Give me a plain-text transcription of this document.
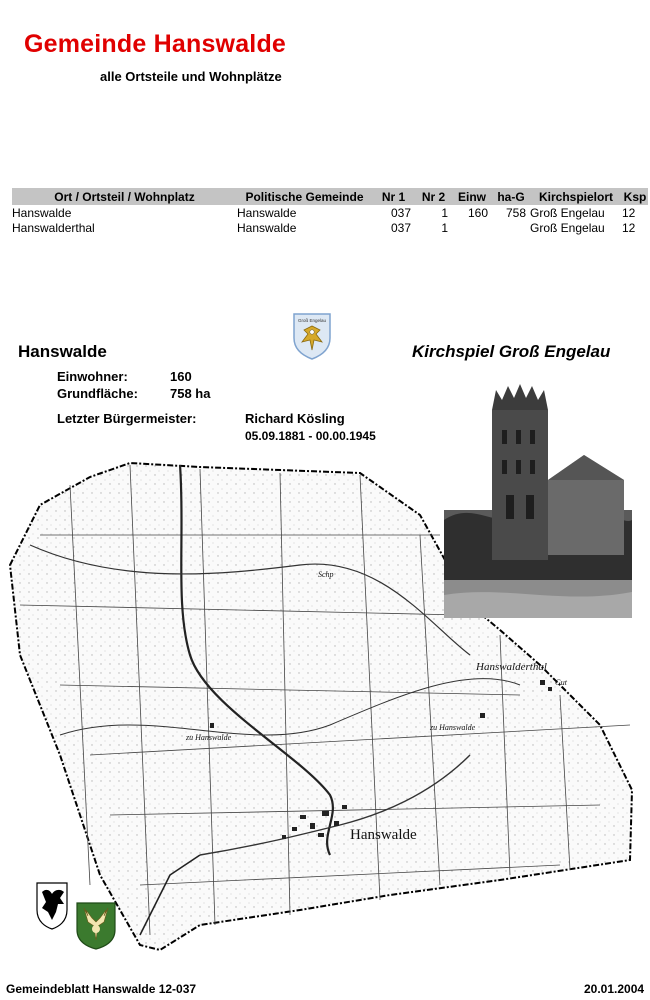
Gemeinde Hanswalde
alle Ortsteile und Wohnplätze
Ort / Ortsteil / Wohnplatz	Politische Gemeinde	Nr 1	Nr 2	Einw	ha-G	Kirchspielort	Ksp
Hanswalde	Hanswalde	037	1	160	758	Groß Engelau	12
Hanswalderthal	Hanswalde	037	1			Groß Engelau	12
Groß Engelau
Hanswalde	Kirchspiel Groß Engelau
Einwohner:	160
Grundfläche: 758 ha
Letzter Bürgermeister:	Richard Kösling
05.09.1881 - 00.00.1945
Hanswalderthal
Gut
zu Hanswalde
zu Hanswalde
Hanswalde
Schp
Gemeindeblatt Hanswalde 12-037	20.01.2004
